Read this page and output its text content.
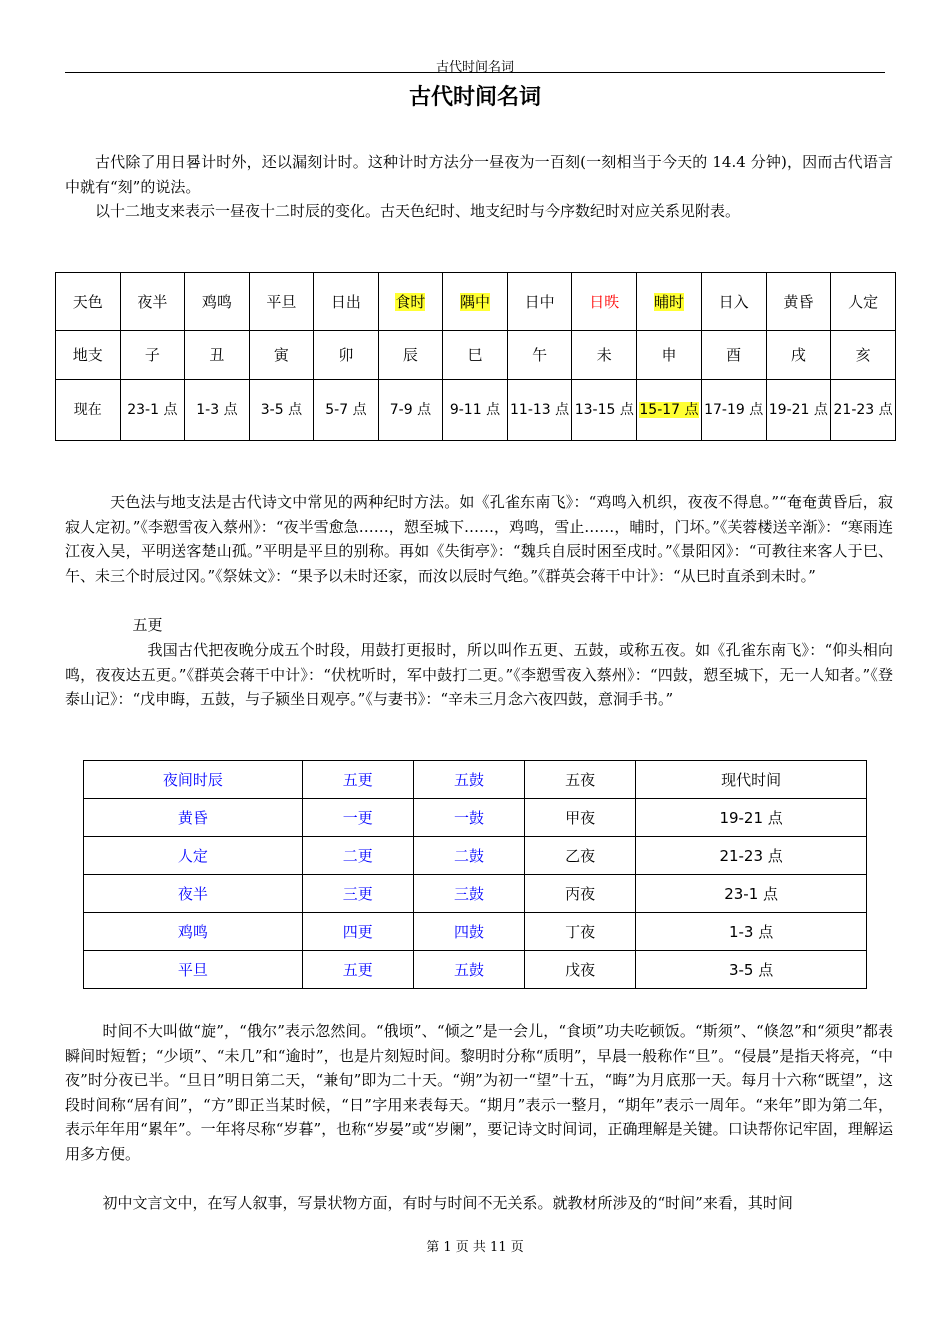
古代时间名词
古代时间名词

古代除了用日晷计时外，还以漏刻计时。这种计时方法分一昼夜为一百刻(一刻相当于今天的 14.4 分钟)，因而古代语言中就有“刻”的说法。

以十二地支来表示一昼夜十二时辰的变化。古天色纪时、地支纪时与今序数纪时对应关系见附表。

天色	夜半	鸡鸣	平旦	日出	食时	隅中	日中	日昳	晡时	日入	黄昏	人定
地支	子	丑	寅	卯	辰	巳	午	未	申	酉	戌	亥
现在	23-1 点	1-3 点	3-5 点	5-7 点	7-9 点	9-11 点	11-13 点	13-15 点	15-17 点	17-19 点	19-21 点	21-23 点

天色法与地支法是古代诗文中常见的两种纪时方法。如《孔雀东南飞》：“鸡鸣入机织，夜夜不得息。”“奄奄黄昏后，寂寂人定初。”《李愬雪夜入蔡州》：“夜半雪愈急……，愬至城下……，鸡鸣，雪止……，晡时，门坏。”《芙蓉楼送辛渐》：“寒雨连江夜入吴，平明送客楚山孤。”平明是平旦的别称。再如《失街亭》：“魏兵自辰时困至戌时。”《景阳冈》：“可教往来客人于巳、午、未三个时辰过冈。”《祭妹文》：“果予以未时还家，而汝以辰时气绝。”《群英会蒋干中计》：“从巳时直杀到未时。”

五更

我国古代把夜晚分成五个时段，用鼓打更报时，所以叫作五更、五鼓，或称五夜。如《孔雀东南飞》：“仰头相向鸣，夜夜达五更。”《群英会蒋干中计》：“伏枕听时，军中鼓打二更。”《李愬雪夜入蔡州》：“四鼓，愬至城下，无一人知者。”《登泰山记》：“戊申晦，五鼓，与子颍坐日观亭。”《与妻书》：“辛未三月念六夜四鼓，意洞手书。”

夜间时辰	五更	五鼓	五夜	现代时间
黄昏	一更	一鼓	甲夜	19-21 点
人定	二更	二鼓	乙夜	21-23 点
夜半	三更	三鼓	丙夜	23-1 点
鸡鸣	四更	四鼓	丁夜	1-3 点
平旦	五更	五鼓	戊夜	3-5 点

时间不大叫做“旋”，“俄尔”表示忽然间。“俄顷”、“倾之”是一会儿，“食顷”功夫吃顿饭。“斯须”、“倏忽”和“须臾”都表瞬间时短暂；“少顷”、“未几”和“逾时”，也是片刻短时间。黎明时分称“质明”，早晨一般称作“旦”。“侵晨”是指天将亮，“中夜”时分夜已半。“旦日”明日第二天，“兼旬”即为二十天。“朔”为初一“望”十五，“晦”为月底那一天。每月十六称“既望”，这段时间称“居有间”，“方”即正当某时候，“日”字用来表每天。“期月”表示一整月，“期年”表示一周年。“来年”即为第二年， 表示年年用“累年”。一年将尽称“岁暮”，也称“岁晏”或“岁阑”，要记诗文时间词，正确理解是关键。口诀帮你记牢固，理解运用多方便。

初中文言文中，在写人叙事，写景状物方面，有时与时间不无关系。就教材所涉及的“时间”来看，其时间

第 1 页 共 11 页
